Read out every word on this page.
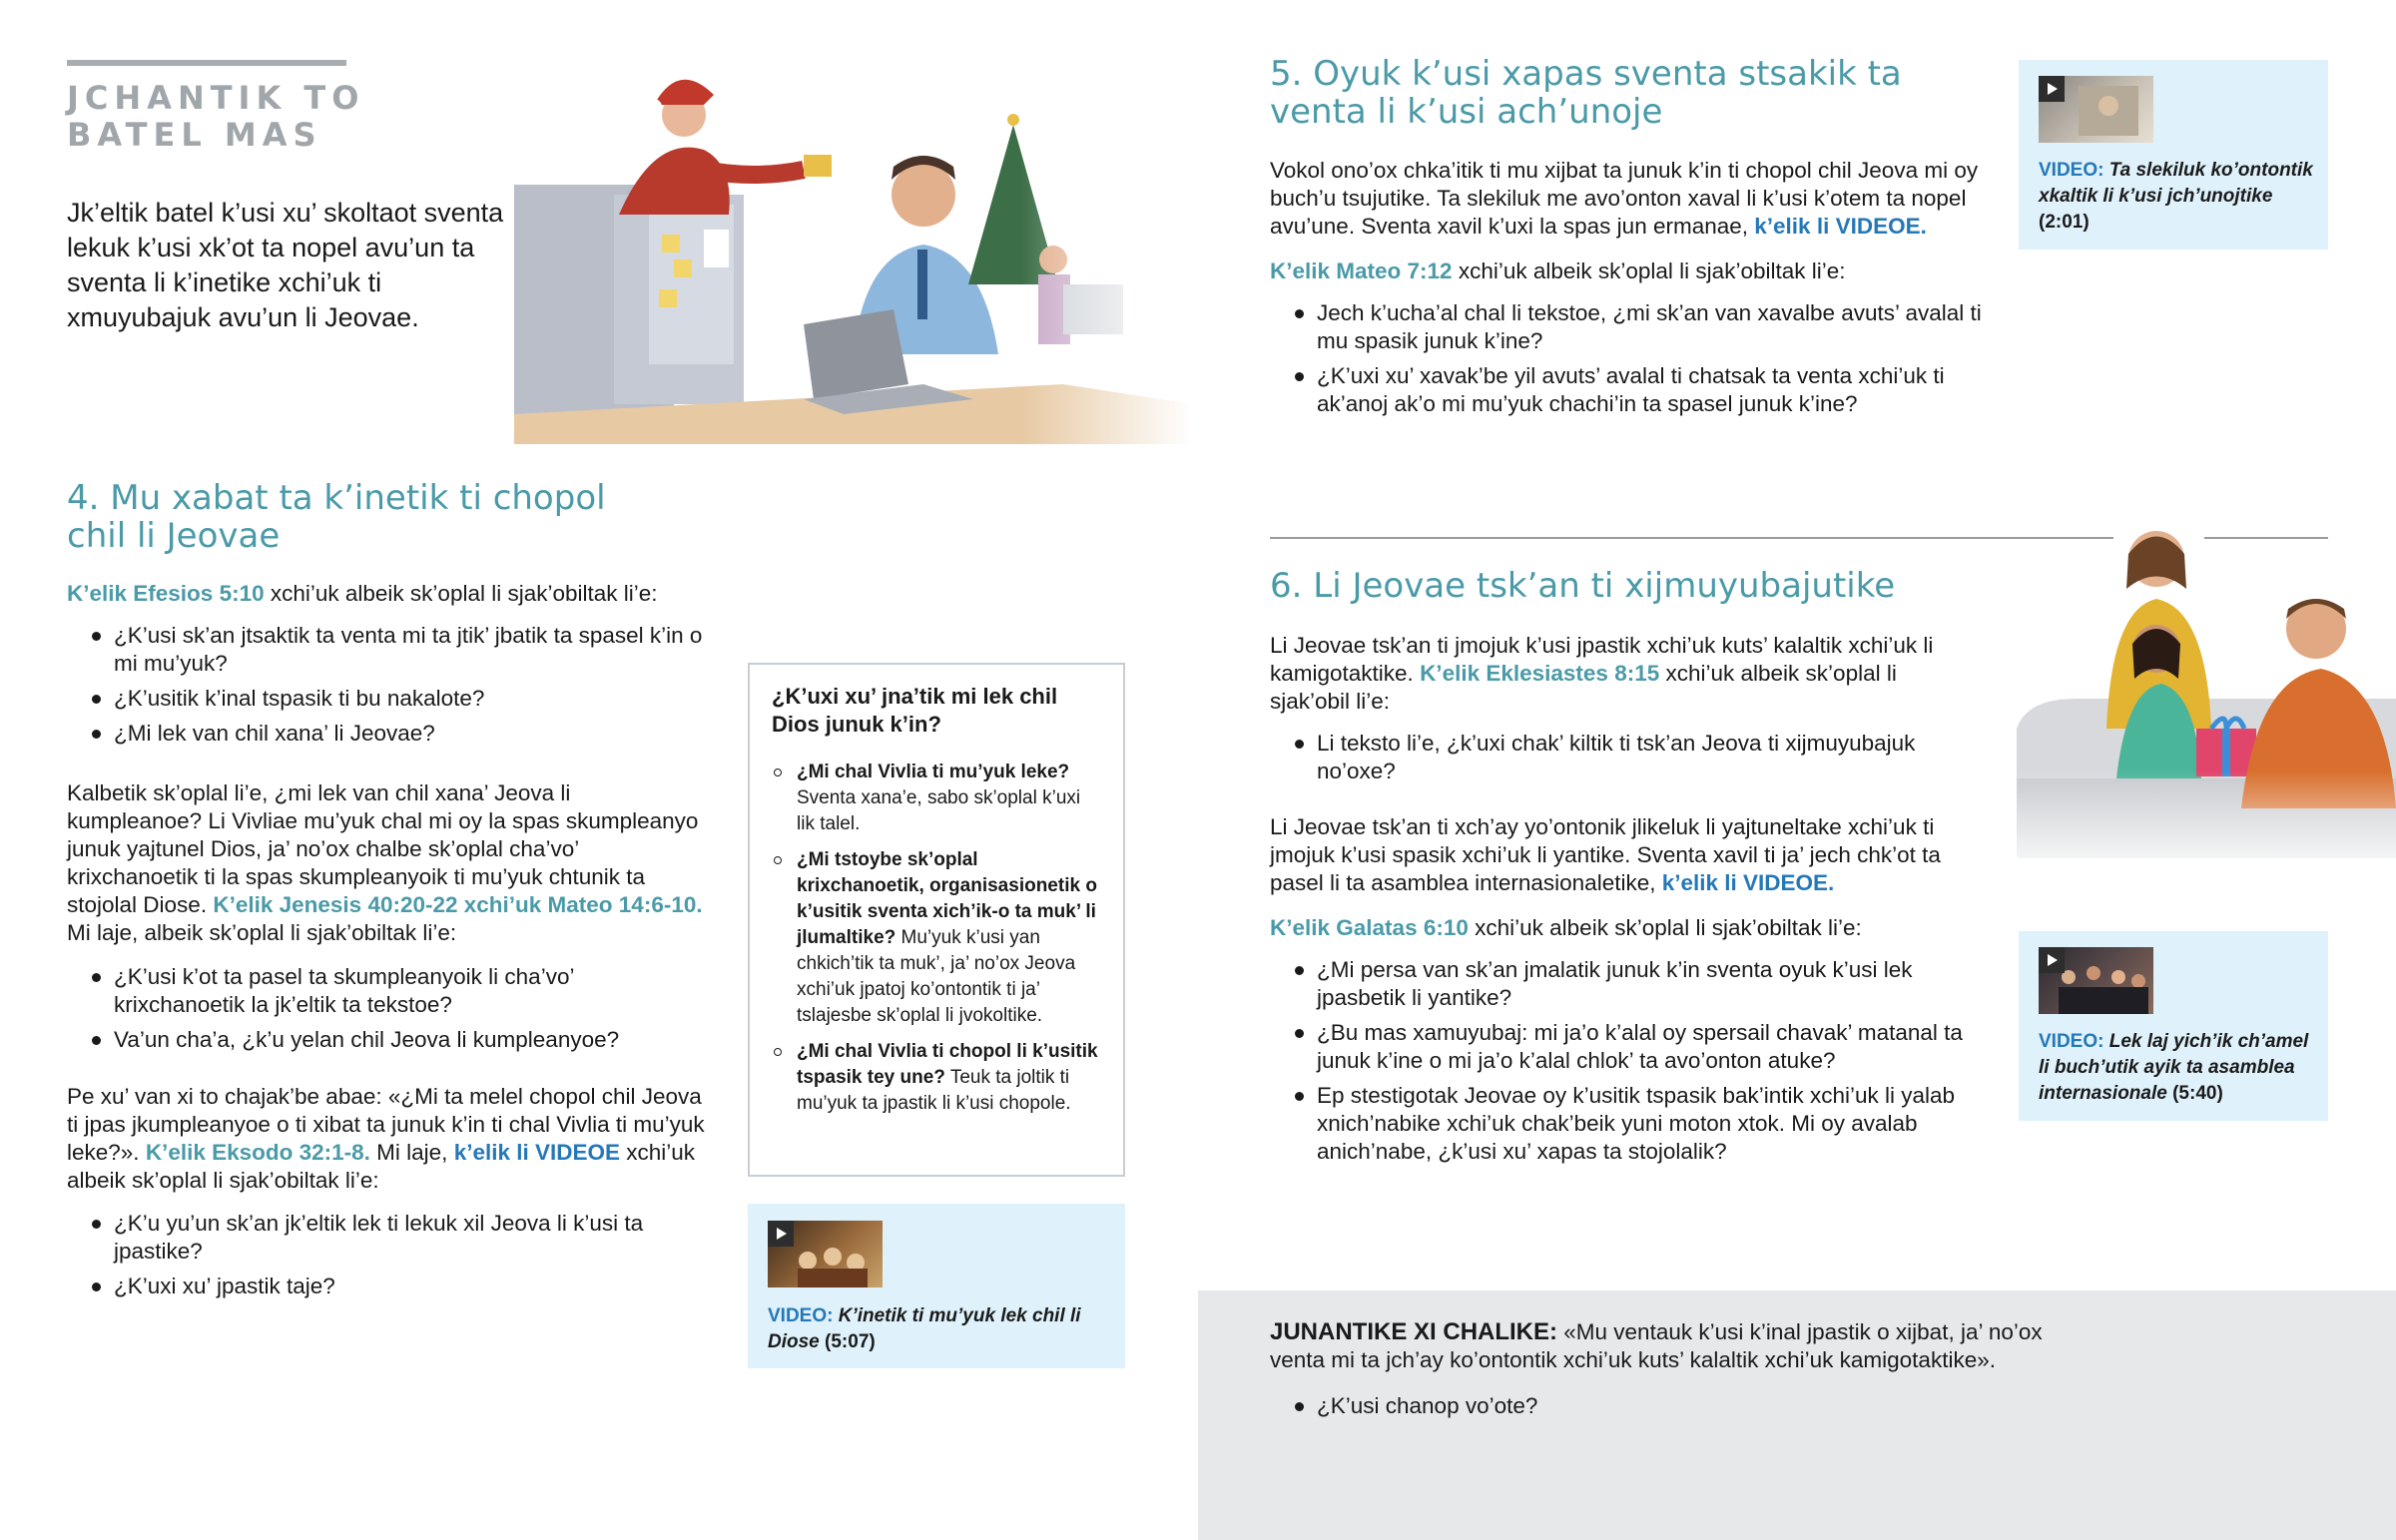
JCHANTIK TO
BATEL MAS
Jk’eltik batel k’usi xu’ skoltaot sventa lekuk k’usi xk’ot ta nopel avu’un ta sventa li k’inetike xchi’uk ti xmuyubajuk avu’un li Jeovae.
4. Mu xabat ta k’inetik ti chopol chil li Jeovae
K’elik Efesios 5:10 xchi’uk albeik sk’oplal li sjak’obiltak li’e:
¿K’usi sk’an jtsaktik ta venta mi ta jtik’ jbatik ta spasel k’in o mi mu’yuk?
¿K’usitik k’inal tspasik ti bu nakalote?
¿Mi lek van chil xana’ li Jeovae?
Kalbetik sk’oplal li’e, ¿mi lek van chil xana’ Jeova li kumpleanoe? Li Vivliae mu’yuk chal mi oy la spas skumpleanyo junuk yajtunel Dios, ja’ no’ox chalbe sk’oplal cha’vo’ krixchanoetik ti la spas skumpleanyoik ti mu’yuk chtunik ta stojolal Diose. K’elik Jenesis 40:20-22 xchi’uk Mateo 14:6-10. Mi laje, albeik sk’oplal li sjak’obiltak li’e:
¿K’usi k’ot ta pasel ta skumpleanyoik li cha’vo’ krixchanoetik la jk’eltik ta tekstoe?
Va’un cha’a, ¿k’u yelan chil Jeova li kumpleanyoe?
Pe xu’ van xi to chajak’be abae: «¿Mi ta melel chopol chil Jeova ti jpas jkumpleanyoe o ti xibat ta junuk k’in ti chal Vivlia ti mu’yuk leke?». K’elik Eksodo 32:1-8. Mi laje, k’elik li VIDEOE xchi’uk albeik sk’oplal li sjak’obiltak li’e:
¿K’u yu’un sk’an jk’eltik lek ti lekuk xil Jeova li k’usi ta jpastike?
¿K’uxi xu’ jpastik taje?
¿K’uxi xu’ jna’tik mi lek chil Dios junuk k’in?
¿Mi chal Vivlia ti mu’yuk leke? Sventa xana’e, sabo sk’oplal k’uxi lik talel.
¿Mi tstoybe sk’oplal krixchanoetik, organisasionetik o k’usitik sventa xich’ik-o ta muk’ li jlumaltike? Mu’yuk k’usi yan chkich’tik ta muk’, ja’ no’ox Jeova xchi’uk jpatoj ko’ontontik ti ja’ tslajesbe sk’oplal li jvokoltike.
¿Mi chal Vivlia ti chopol li k’usitik tspasik tey une? Teuk ta joltik ti mu’yuk ta jpastik li k’usi chopole.
VIDEO: K’inetik ti mu’yuk lek chil li Diose (5:07)
5. Oyuk k’usi xapas sventa stsakik ta venta li k’usi ach’unoje
Vokol ono’ox chka’itik ti mu xijbat ta junuk k’in ti chopol chil Jeova mi oy buch’u tsujutike. Ta slekiluk me avo’onton xaval li k’usi k’otem ta nopel avu’une. Sventa xavil k’uxi la spas jun ermanae, k’elik li VIDEOE.
K’elik Mateo 7:12 xchi’uk albeik sk’oplal li sjak’obiltak li’e:
Jech k’ucha’al chal li tekstoe, ¿mi sk’an van xavalbe avuts’ avalal ti mu spasik junuk k’ine?
¿K’uxi xu’ xavak’be yil avuts’ avalal ti chatsak ta venta xchi’uk ti ak’anoj ak’o mi mu’yuk chachi’in ta spasel junuk k’ine?
VIDEO: Ta slekiluk ko’ontontik xkaltik li k’usi jch’unojtike (2:01)
6. Li Jeovae tsk’an ti xijmuyubajutike
Li Jeovae tsk’an ti jmojuk k’usi jpastik xchi’uk kuts’ kalaltik xchi’uk li kamigotaktike. K’elik Eklesiastes 8:15 xchi’uk albeik sk’oplal li sjak’obil li’e:
Li teksto li’e, ¿k’uxi chak’ kiltik ti tsk’an Jeova ti xijmuyubajuk no’oxe?
Li Jeovae tsk’an ti xch’ay yo’ontonik jlikeluk li yajtuneltake xchi’uk ti jmojuk k’usi spasik xchi’uk li yantike. Sventa xavil ti ja’ jech chk’ot ta pasel li ta asamblea internasionaletike, k’elik li VIDEOE.
K’elik Galatas 6:10 xchi’uk albeik sk’oplal li sjak’obiltak li’e:
¿Mi persa van sk’an jmalatik junuk k’in sventa oyuk k’usi lek jpasbetik li yantike?
¿Bu mas xamuyubaj: mi ja’o k’alal oy spersail chavak’ matanal ta junuk k’ine o mi ja’o k’alal chlok’ ta avo’onton atuke?
Ep stestigotak Jeovae oy k’usitik tspasik bak’intik xchi’uk li yalab xnich’nabike xchi’uk chak’beik yuni moton xtok. Mi oy avalab anich’nabe, ¿k’usi xu’ xapas ta stojolalik?
VIDEO: Lek laj yich’ik ch’amel li buch’utik ayik ta asamblea internasionale (5:40)
JUNANTIKE XI CHALIKE: «Mu ventauk k’usi k’inal jpastik o xijbat, ja’ no’ox venta mi ta jch’ay ko’ontontik xchi’uk kuts’ kalaltik xchi’uk kamigotaktike».
¿K’usi chanop vo’ote?
